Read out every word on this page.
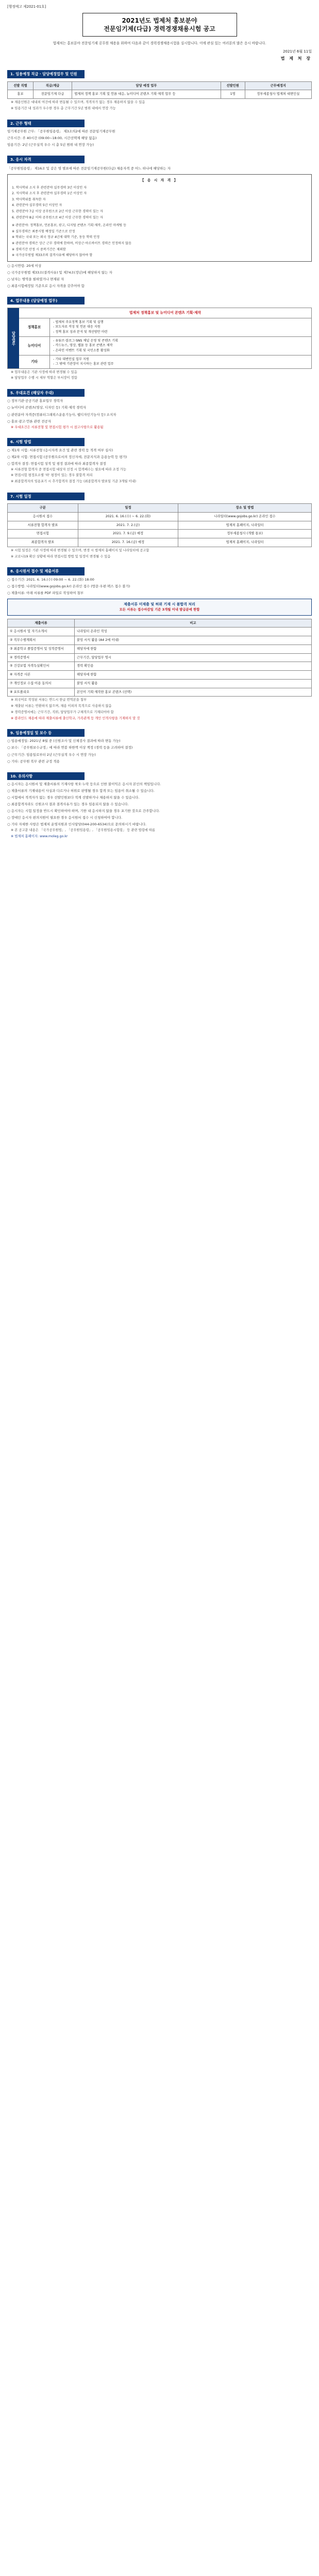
[행정예고 제2021-01호]
2021년도 법제처 홍보분야
전문임기제(다급) 경력경쟁채용시험 공고
법제처는 홍보분야 전문임기제 공무원 채용을 위하여 다음과 같이 경력경쟁채용시험을 실시합니다. 이에 관심 있는 여러분의 많은 응시 바랍니다.
2021년 6월 11일
법 제 처 장
1. 임용예정 직급 · 담당예정업무 및 인원
선발 직렬	직급/계급	담당 예정 업무	선발인원	근무예정지
홍보	전문임기제 다급	법제처 정책 홍보 기획 및 언론 대응, 뉴미디어 콘텐츠 기획·제작 업무 등	1명	정부세종청사 법제처 대변인실
※ 채용인원은 대내외 여건에 따라 변동될 수 있으며, 적격자가 없는 경우 채용하지 않을 수 있음
※ 임용기간 내 성과가 우수한 경우 총 근무기간 5년 범위 내에서 연장 가능
2. 근무 형태
임기제공무원 근무: 「공무원임용령」 제3조의2에 따른 전문임기제공무원
근무시간: 주 40시간 (09:00~18:00, 시간선택제 해당 없음)
임용기간: 2년 (근무실적 우수 시 총 5년 범위 내 연장 가능)
3. 응시 자격
「공무원임용령」 제16조 및 같은 영 별표에 따른 전문임기제공무원(다급) 채용자격 중 어느 하나에 해당하는 자
【 응 시 자 격 】
1. 학사학위 소지 후 관련분야 실무경력 3년 이상인 자
2. 석사학위 소지 후 관련분야 실무경력 1년 이상인 자
3. 박사학위를 취득한 자
4. 관련분야 실무경력 5년 이상인 자
5. 관련분야 7급 이상 공무원으로 2년 이상 근무한 경력이 있는 자
6. 관련분야 8급 이하 공무원으로 4년 이상 근무한 경력이 있는 자
※ 관련분야: 정책홍보, 언론홍보, 광고, 디지털 콘텐츠 기획·제작, 온라인 마케팅 등
※ 실무경력은 최종시험 예정일 기준으로 산정
※ 학위는 국내 또는 외국 정규 4년제 대학 기준, 동등 학력 인정
※ 관련분야 경력은 상근 근무 경력에 한하며, 비상근·아르바이트 경력은 인정하지 않음
※ 경력기간 산정 시 중복기간은 제외함
※ 국가공무원법 제33조의 결격사유에 해당하지 않아야 함
○ 응시연령: 20세 이상
○ 국가공무원법 제33조(결격사유) 및 제74조(정년)에 해당하지 않는 자
○ 남자는 병역을 필하였거나 면제된 자
○ 최종시험예정일 기준으로 응시 자격을 갖추어야 함
4. 업무내용 (담당예정 업무)
담당업무
법제처 정책홍보 및 뉴미디어 콘텐츠 기획·제작
정책홍보
- 법제처 주요정책 홍보 기획 및 실행
- 보도자료 작성 및 언론 대응 지원
- 정책 홍보 성과 분석 및 개선방안 마련
뉴미디어
- 유튜브·블로그·SNS 채널 운영 및 콘텐츠 기획
- 카드뉴스, 영상, 웹툰 등 홍보 콘텐츠 제작
- 온라인 이벤트 기획 및 국민소통 활성화
기타
- 기타 대변인실 업무 지원
- 그 밖에 기관장이 지시하는 홍보 관련 업무
※ 업무내용은 기관 사정에 따라 변경될 수 있음
※ 담당업무 수행 시 세부 역할은 부서장이 정함
5. 우대요건 (해당자 우대)
○ 정부기관·공공기관 홍보업무 경력자
○ 뉴미디어 콘텐츠(영상, 디자인 등) 기획·제작 경력자
○ 관련분야 자격증(컴퓨터그래픽스운용기능사, 웹디자인기능사 등) 소지자
○ 홍보·광고·언론 관련 전공자
※ 우대요건은 서류전형 및 면접시험 평가 시 참고사항으로 활용됨
6. 시험 방법
○ 제1차 시험: 서류전형 (응시자격 요건 및 관련 경력 등 적격 여부 심사)
○ 제2차 시험: 면접시험 (공무원으로서의 정신자세, 전문지식과 응용능력 등 평가)
○ 합격자 결정: 면접시험 성적 및 평정 결과에 따라 최종합격자 결정
※ 서류전형 합격자 중 면접시험 대상자 선정 시 합격배수는 필요에 따라 조정 가능
※ 면접시험 평정요소별 '하' 평정이 있는 경우 불합격 처리
※ 최종합격자의 임용포기 시 추가합격자 결정 가능 (최종합격자 발표일 기준 3개월 이내)
7. 시험 일정
구분	일정	장소 및 방법
응시원서 접수	2021. 6. 16.(수) ~ 6. 22.(화)	나라일터(www.gojobs.go.kr) 온라인 접수
서류전형 합격자 발표	2021. 7. 2.(금)	법제처 홈페이지, 나라일터
면접시험	2021. 7. 9.(금) 예정	정부세종청사 (개별 통보)
최종합격자 발표	2021. 7. 16.(금) 예정	법제처 홈페이지, 나라일터
※ 시험 일정은 기관 사정에 따라 변경될 수 있으며, 변경 시 법제처 홈페이지 및 나라일터에 공고함
※ 코로나19 확산 상황에 따라 면접시험 방법 및 일정이 변경될 수 있음
8. 응시원서 접수 및 제출서류
○ 접수기간: 2021. 6. 16.(수) 09:00 ~ 6. 22.(화) 18:00
○ 접수방법: 나라일터(www.gojobs.go.kr) 온라인 접수 (방문·우편·팩스 접수 불가)
○ 제출서류: 아래 서류를 PDF 파일로 작성하여 첨부
제출서류 미제출 및 허위 기재 시 불합격 처리
모든 서류는 접수마감일 기준 3개월 이내 발급분에 한함
제출서류	비고
① 응시원서 및 자기소개서	나라일터 온라인 작성
② 직무수행계획서	붙임 서식 활용 (A4 2매 이내)
③ 최종학교 졸업증명서 및 성적증명서	해당자에 한함
④ 경력증명서	근무기간, 담당업무 명시
⑤ 건강보험 자격득실확인서	경력 확인용
⑥ 자격증 사본	해당자에 한함
⑦ 개인정보 수집·이용 동의서	붙임 서식 활용
⑧ 포트폴리오	본인이 기획·제작한 홍보 콘텐츠 (선택)
※ 외국어로 작성된 서류는 반드시 한글 번역본을 첨부
※ 제출된 서류는 반환하지 않으며, 채용 이외의 목적으로 사용하지 않음
※ 경력증명서에는 근무기간, 직위, 담당업무가 구체적으로 기재되어야 함
※ 블라인드 채용에 따라 제출서류에 출신학교, 가족관계 등 개인 인적사항을 기재하지 말 것
9. 임용예정일 및 보수 등
○ 임용예정일: 2021년 8월 중 (신원조사 및 신체검사 결과에 따라 변동 가능)
○ 보수: 「공무원보수규정」에 따라 연봉 하한액 이상 책정 (경력 등을 고려하여 결정)
○ 근무기간: 임용일로부터 2년 (근무실적 우수 시 연장 가능)
○ 기타: 공무원 복무 관련 규정 적용
10. 유의사항
○ 응시자는 응시원서 및 제출서류의 기재사항 착오·누락 등으로 인한 불이익은 응시자 본인의 책임입니다.
○ 제출서류의 기재내용이 사실과 다르거나 허위로 판명될 경우 합격 또는 임용이 취소될 수 있습니다.
○ 시험에서 적격자가 없는 경우 선발인원보다 적게 선발하거나 채용하지 않을 수 있습니다.
○ 최종합격자라도 신원조사 결과 결격사유가 있는 경우 임용되지 않을 수 있습니다.
○ 응시자는 시험 일정을 반드시 확인하여야 하며, 기한 내 응시하지 않을 경우 포기한 것으로 간주합니다.
○ 장애인 응시자 편의지원이 필요한 경우 응시원서 접수 시 신청하여야 합니다.
○ 기타 자세한 사항은 법제처 운영지원과 인사담당(044-200-6534)으로 문의하시기 바랍니다.
※ 본 공고문 내용은 「국가공무원법」, 「공무원임용령」, 「공무원임용시험령」 등 관련 법령에 따름
※ 법제처 홈페이지: www.moleg.go.kr
